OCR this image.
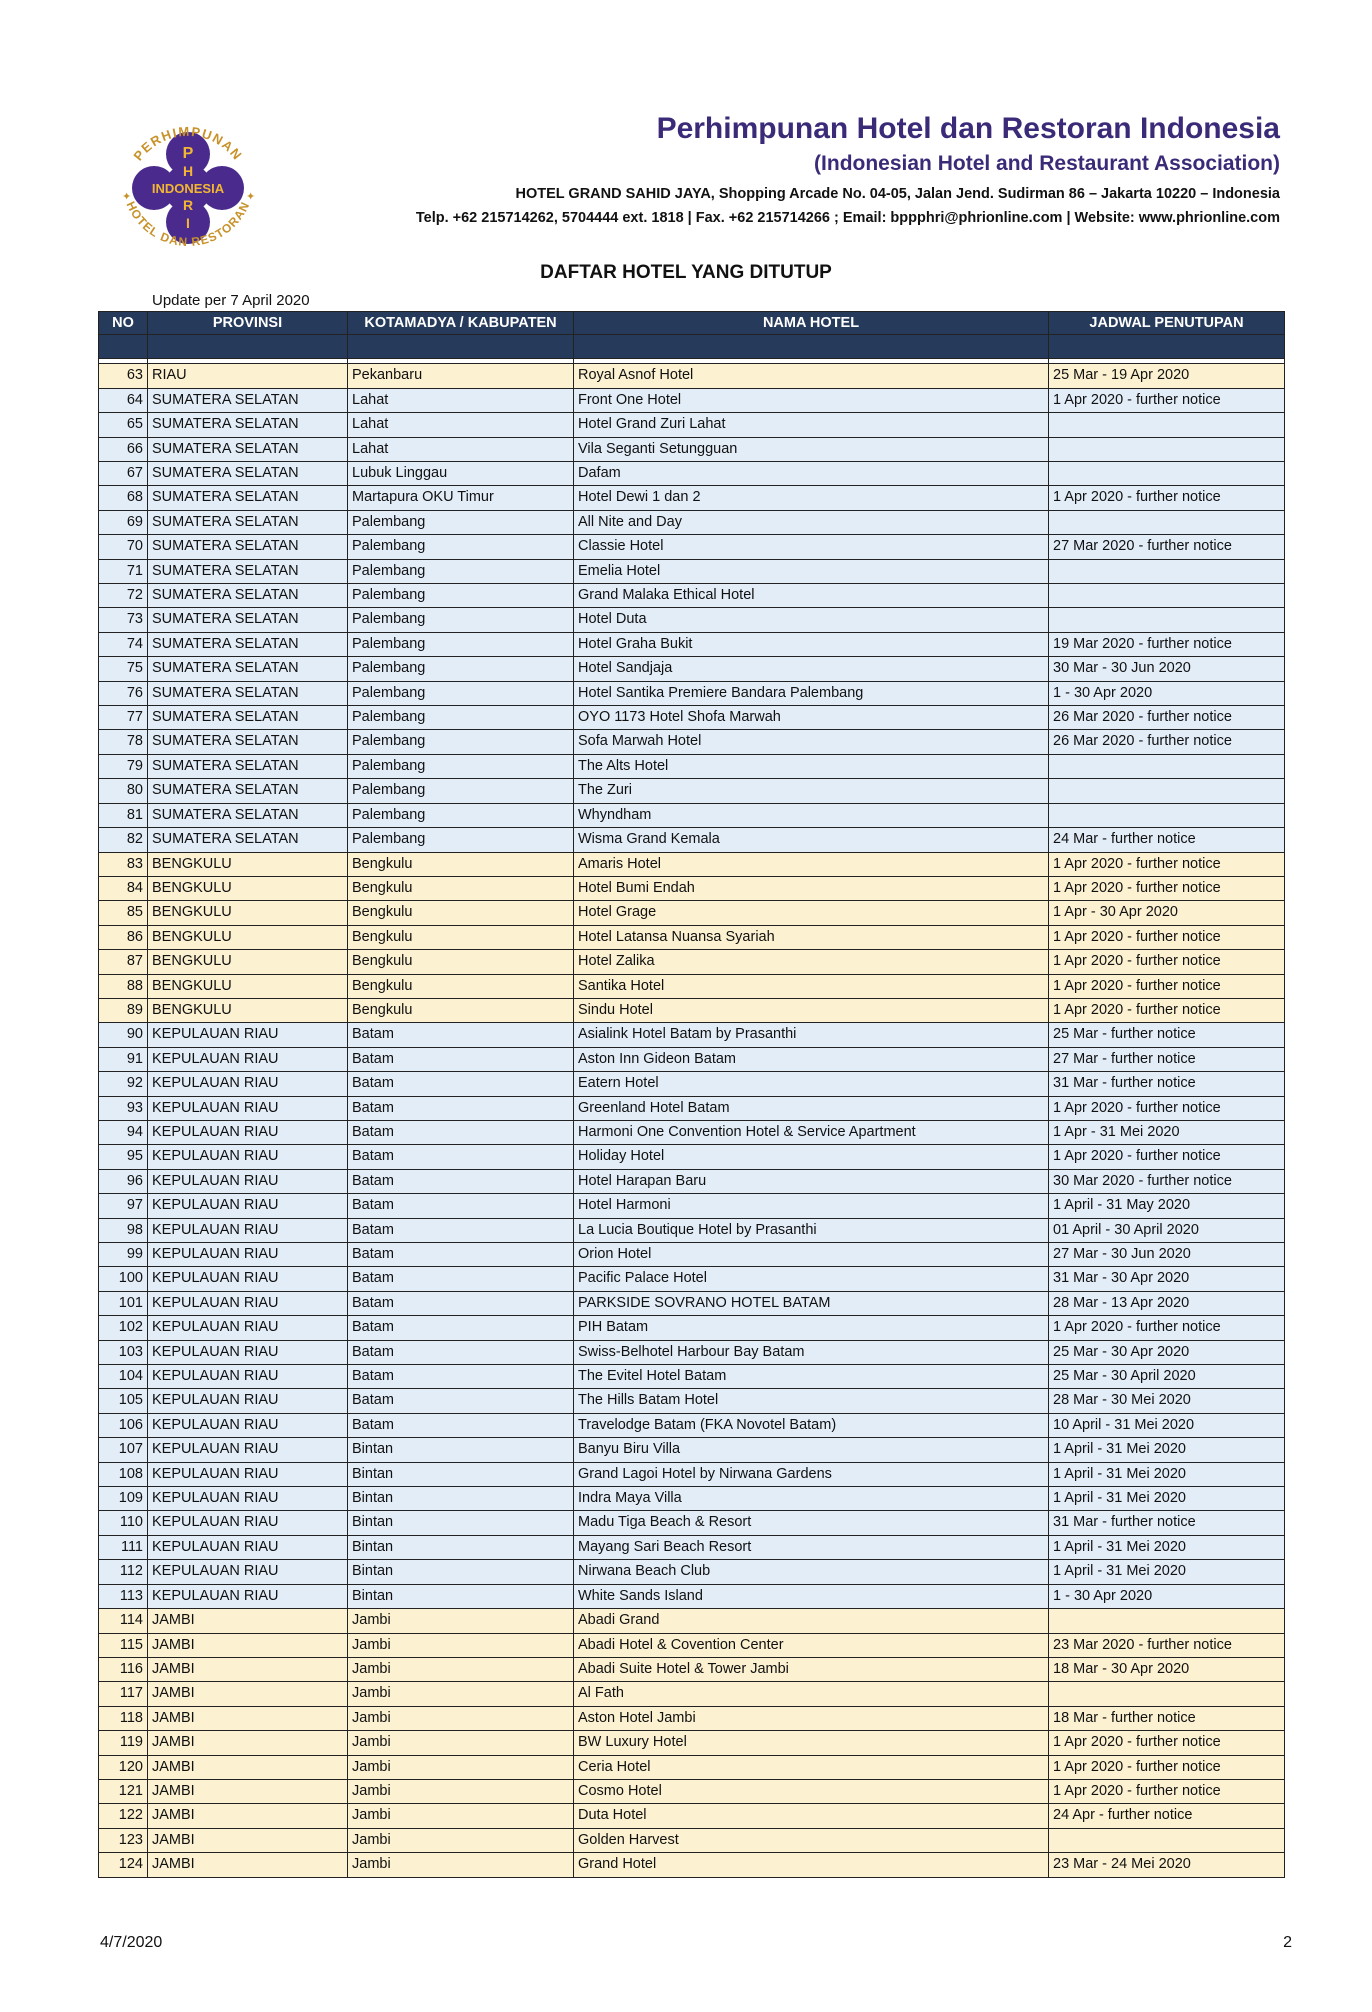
P
H
INDONESIA
R
I
PERHIMPUNAN
HOTEL DAN RESTORAN
✦	✦
Perhimpunan Hotel dan Restoran Indonesia
(Indonesian Hotel and Restaurant Association)
HOTEL GRAND SAHID JAYA, Shopping Arcade No. 04-05, Jalan Jend. Sudirman 86 – Jakarta 10220 – Indonesia
Telp. +62 215714262, 5704444 ext. 1818 | Fax. +62 215714266 ; Email: bppphri@phrionline.com | Website: www.phrionline.com
DAFTAR HOTEL YANG DITUTUP
Update per 7 April 2020
NO	PROVINSI	KOTAMADYA / KABUPATEN	NAMA HOTEL	JADWAL PENUTUPAN

63	RIAU	Pekanbaru	Royal Asnof Hotel	25 Mar - 19 Apr 2020
64	SUMATERA SELATAN	Lahat	Front One Hotel	1 Apr 2020 - further notice
65	SUMATERA SELATAN	Lahat	Hotel Grand Zuri Lahat	
66	SUMATERA SELATAN	Lahat	Vila Seganti Setungguan	
67	SUMATERA SELATAN	Lubuk Linggau	Dafam	
68	SUMATERA SELATAN	Martapura OKU Timur	Hotel Dewi 1 dan 2	1 Apr 2020 - further notice
69	SUMATERA SELATAN	Palembang	All Nite and Day	
70	SUMATERA SELATAN	Palembang	Classie Hotel	27 Mar 2020 - further notice
71	SUMATERA SELATAN	Palembang	Emelia Hotel	
72	SUMATERA SELATAN	Palembang	Grand Malaka Ethical Hotel	
73	SUMATERA SELATAN	Palembang	Hotel Duta	
74	SUMATERA SELATAN	Palembang	Hotel Graha Bukit	19 Mar 2020 - further notice
75	SUMATERA SELATAN	Palembang	Hotel Sandjaja	30 Mar - 30 Jun 2020
76	SUMATERA SELATAN	Palembang	Hotel Santika Premiere Bandara Palembang	1 - 30 Apr 2020
77	SUMATERA SELATAN	Palembang	OYO 1173 Hotel Shofa Marwah	26 Mar 2020 - further notice
78	SUMATERA SELATAN	Palembang	Sofa Marwah Hotel	26 Mar 2020 - further notice
79	SUMATERA SELATAN	Palembang	The Alts Hotel	
80	SUMATERA SELATAN	Palembang	The Zuri	
81	SUMATERA SELATAN	Palembang	Whyndham	
82	SUMATERA SELATAN	Palembang	Wisma Grand Kemala	24 Mar - further notice
83	BENGKULU	Bengkulu	Amaris Hotel	1 Apr 2020 - further notice
84	BENGKULU	Bengkulu	Hotel Bumi Endah	1 Apr 2020 - further notice
85	BENGKULU	Bengkulu	Hotel Grage	1 Apr - 30 Apr 2020
86	BENGKULU	Bengkulu	Hotel Latansa Nuansa Syariah	1 Apr 2020 - further notice
87	BENGKULU	Bengkulu	Hotel Zalika	1 Apr 2020 - further notice
88	BENGKULU	Bengkulu	Santika Hotel	1 Apr 2020 - further notice
89	BENGKULU	Bengkulu	Sindu Hotel	1 Apr 2020 - further notice
90	KEPULAUAN RIAU	Batam	Asialink Hotel Batam by Prasanthi	25 Mar - further notice
91	KEPULAUAN RIAU	Batam	Aston Inn Gideon Batam	27 Mar - further notice
92	KEPULAUAN RIAU	Batam	Eatern Hotel	31 Mar - further notice
93	KEPULAUAN RIAU	Batam	Greenland Hotel Batam	1 Apr 2020 - further notice
94	KEPULAUAN RIAU	Batam	Harmoni One Convention Hotel & Service Apartment	1 Apr - 31 Mei 2020
95	KEPULAUAN RIAU	Batam	Holiday Hotel	1 Apr 2020 - further notice
96	KEPULAUAN RIAU	Batam	Hotel Harapan Baru	30 Mar 2020 - further notice
97	KEPULAUAN RIAU	Batam	Hotel Harmoni	1 April - 31 May 2020
98	KEPULAUAN RIAU	Batam	La Lucia Boutique Hotel by Prasanthi	01 April - 30 April 2020
99	KEPULAUAN RIAU	Batam	Orion Hotel	27 Mar - 30 Jun 2020
100	KEPULAUAN RIAU	Batam	Pacific Palace Hotel	31 Mar - 30 Apr 2020
101	KEPULAUAN RIAU	Batam	PARKSIDE SOVRANO HOTEL BATAM	28 Mar - 13 Apr 2020
102	KEPULAUAN RIAU	Batam	PIH Batam	1 Apr 2020 - further notice
103	KEPULAUAN RIAU	Batam	Swiss-Belhotel Harbour Bay Batam	25 Mar - 30 Apr 2020
104	KEPULAUAN RIAU	Batam	The Evitel Hotel Batam	25 Mar - 30 April 2020
105	KEPULAUAN RIAU	Batam	The Hills Batam Hotel	28 Mar - 30 Mei 2020
106	KEPULAUAN RIAU	Batam	Travelodge Batam (FKA Novotel Batam)	10 April - 31 Mei 2020
107	KEPULAUAN RIAU	Bintan	Banyu Biru Villa	1 April - 31 Mei 2020
108	KEPULAUAN RIAU	Bintan	Grand Lagoi Hotel by Nirwana Gardens	1 April - 31 Mei 2020
109	KEPULAUAN RIAU	Bintan	Indra Maya Villa	1 April - 31 Mei 2020
110	KEPULAUAN RIAU	Bintan	Madu Tiga Beach & Resort	31 Mar - further notice
111	KEPULAUAN RIAU	Bintan	Mayang Sari Beach Resort	1 April - 31 Mei 2020
112	KEPULAUAN RIAU	Bintan	Nirwana Beach Club	1 April - 31 Mei 2020
113	KEPULAUAN RIAU	Bintan	White Sands Island	1 - 30 Apr 2020
114	JAMBI	Jambi	Abadi Grand	
115	JAMBI	Jambi	Abadi Hotel & Covention Center	23 Mar 2020 - further notice
116	JAMBI	Jambi	Abadi Suite Hotel & Tower Jambi	18 Mar - 30 Apr 2020
117	JAMBI	Jambi	Al Fath	
118	JAMBI	Jambi	Aston Hotel Jambi	18 Mar - further notice
119	JAMBI	Jambi	BW Luxury Hotel	1 Apr 2020 - further notice
120	JAMBI	Jambi	Ceria Hotel	1 Apr 2020 - further notice
121	JAMBI	Jambi	Cosmo Hotel	1 Apr 2020 - further notice
122	JAMBI	Jambi	Duta Hotel	24 Apr - further notice
123	JAMBI	Jambi	Golden Harvest	
124	JAMBI	Jambi	Grand Hotel	23 Mar - 24 Mei 2020
4/7/2020	2
